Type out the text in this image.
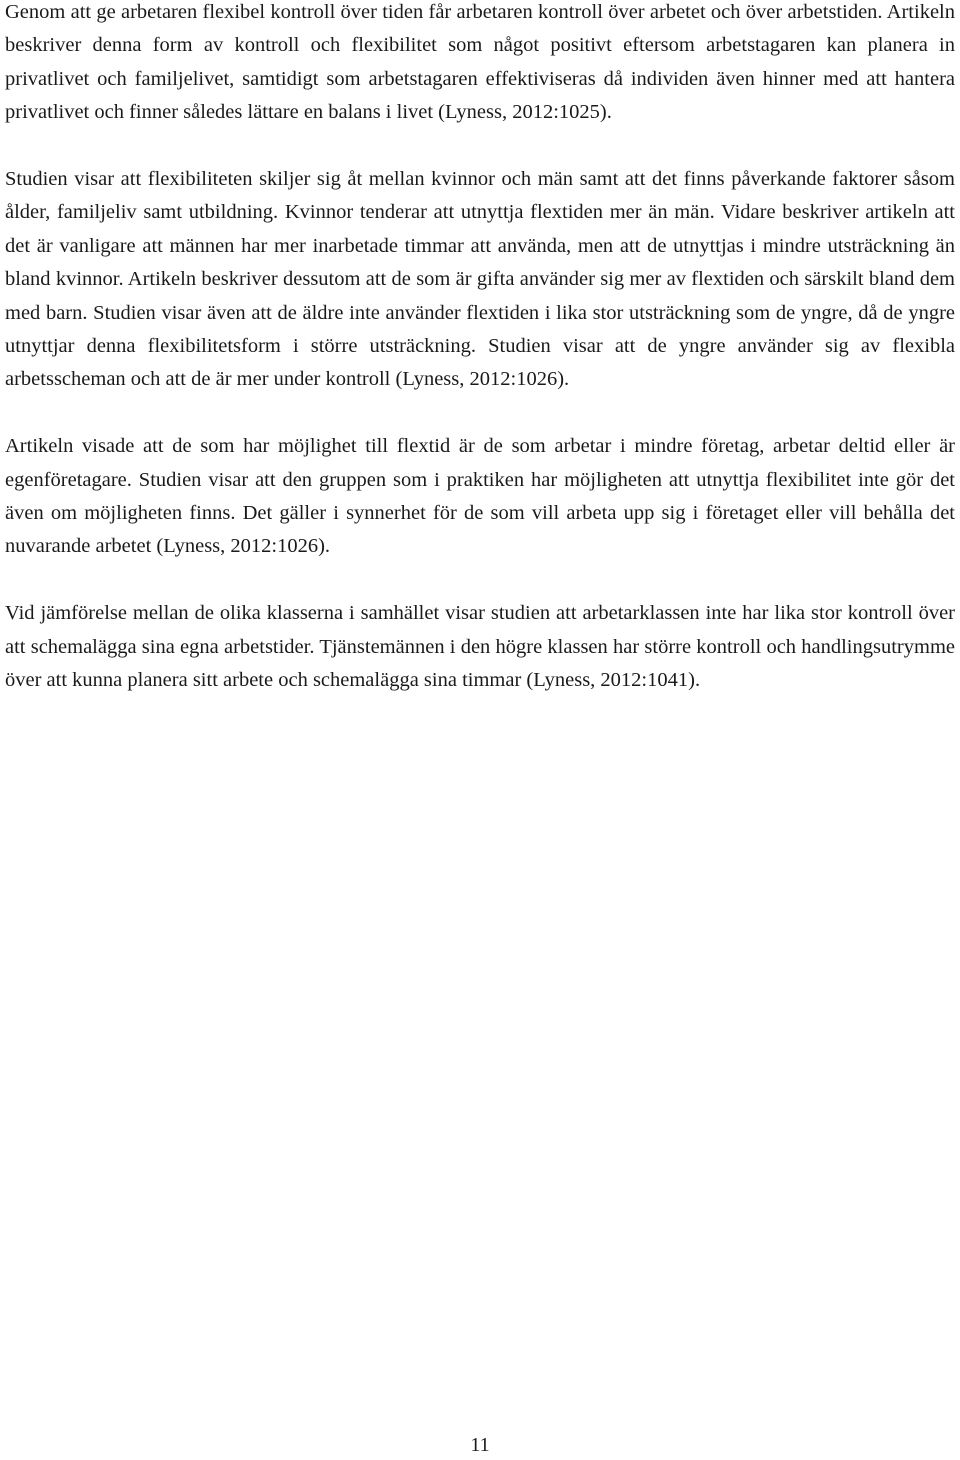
Genom att ge arbetaren flexibel kontroll över tiden får arbetaren kontroll över arbetet och över arbetstiden. Artikeln beskriver denna form av kontroll och flexibilitet som något positivt eftersom arbetstagaren kan planera in privatlivet och familjelivet, samtidigt som arbetstagaren effektiviseras då individen även hinner med att hantera privatlivet och finner således lättare en balans i livet (Lyness, 2012:1025).

Studien visar att flexibiliteten skiljer sig åt mellan kvinnor och män samt att det finns påverkande faktorer såsom ålder, familjeliv samt utbildning. Kvinnor tenderar att utnyttja flextiden mer än män. Vidare beskriver artikeln att det är vanligare att männen har mer inarbetade timmar att använda, men att de utnyttjas i mindre utsträckning än bland kvinnor. Artikeln beskriver dessutom att de som är gifta använder sig mer av flextiden och särskilt bland dem med barn. Studien visar även att de äldre inte använder flextiden i lika stor utsträckning som de yngre, då de yngre utnyttjar denna flexibilitetsform i större utsträckning. Studien visar att de yngre använder sig av flexibla arbetsscheman och att de är mer under kontroll (Lyness, 2012:1026).

Artikeln visade att de som har möjlighet till flextid är de som arbetar i mindre företag, arbetar deltid eller är egenföretagare. Studien visar att den gruppen som i praktiken har möjligheten att utnyttja flexibilitet inte gör det även om möjligheten finns. Det gäller i synnerhet för de som vill arbeta upp sig i företaget eller vill behålla det nuvarande arbetet (Lyness, 2012:1026).

Vid jämförelse mellan de olika klasserna i samhället visar studien att arbetarklassen inte har lika stor kontroll över att schemalägga sina egna arbetstider. Tjänstemännen i den högre klassen har större kontroll och handlingsutrymme över att kunna planera sitt arbete och schemalägga sina timmar (Lyness, 2012:1041).

11
